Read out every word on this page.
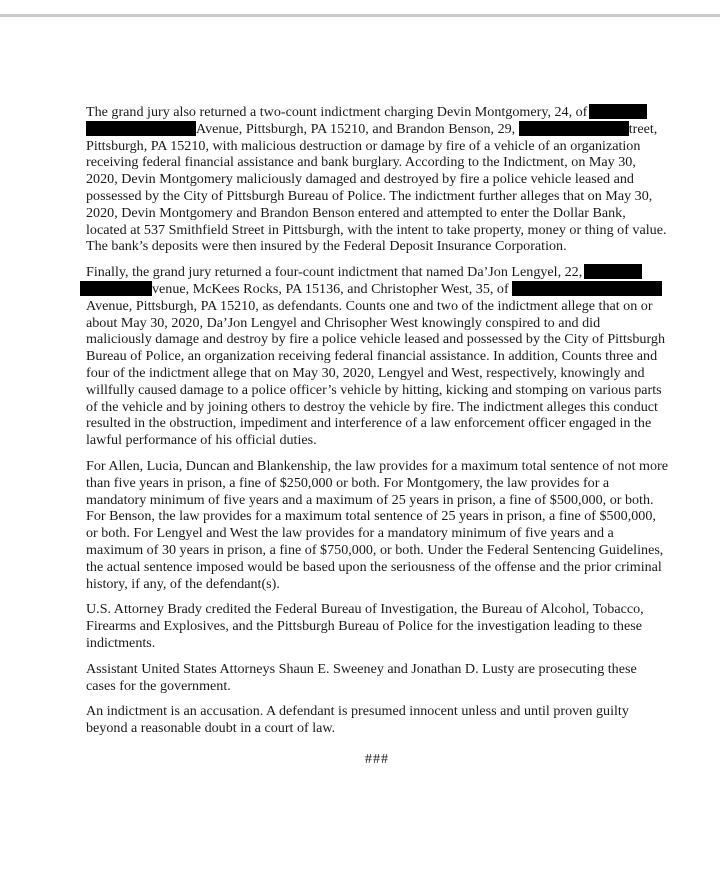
The grand jury also returned a two-count indictment charging Devin Montgomery, 24, of
Avenue, Pittsburgh, PA 15210, and Brandon Benson, 29,	treet,
Pittsburgh, PA 15210, with malicious destruction or damage by fire of a vehicle of an organization receiving federal financial assistance and bank burglary. According to the Indictment, on May 30, 2020, Devin Montgomery maliciously damaged and destroyed by fire a police vehicle leased and possessed by the City of Pittsburgh Bureau of Police. The indictment further alleges that on May 30, 2020, Devin Montgomery and Brandon Benson entered and attempted to enter the Dollar Bank, located at 537 Smithfield Street in Pittsburgh, with the intent to take property, money or thing of value. The bank’s deposits were then insured by the Federal Deposit Insurance Corporation.

Finally, the grand jury returned a four-count indictment that named Da’Jon Lengyel, 22,
venue, McKees Rocks, PA 15136, and Christopher West, 35, of
Avenue, Pittsburgh, PA 15210, as defendants. Counts one and two of the indictment allege that on or about May 30, 2020, Da’Jon Lengyel and Chrisopher West knowingly conspired to and did maliciously damage and destroy by fire a police vehicle leased and possessed by the City of Pittsburgh Bureau of Police, an organization receiving federal financial assistance. In addition, Counts three and four of the indictment allege that on May 30, 2020, Lengyel and West, respectively, knowingly and willfully caused damage to a police officer’s vehicle by hitting, kicking and stomping on various parts of the vehicle and by joining others to destroy the vehicle by fire. The indictment alleges this conduct resulted in the obstruction, impediment and interference of a law enforcement officer engaged in the lawful performance of his official duties.

For Allen, Lucia, Duncan and Blankenship, the law provides for a maximum total sentence of not more than five years in prison, a fine of $250,000 or both. For Montgomery, the law provides for a mandatory minimum of five years and a maximum of 25 years in prison, a fine of $500,000, or both. For Benson, the law provides for a maximum total sentence of 25 years in prison, a fine of $500,000, or both. For Lengyel and West the law provides for a mandatory minimum of five years and a maximum of 30 years in prison, a fine of $750,000, or both. Under the Federal Sentencing Guidelines, the actual sentence imposed would be based upon the seriousness of the offense and the prior criminal history, if any, of the defendant(s).

U.S. Attorney Brady credited the Federal Bureau of Investigation, the Bureau of Alcohol, Tobacco, Firearms and Explosives, and the Pittsburgh Bureau of Police for the investigation leading to these indictments.

Assistant United States Attorneys Shaun E. Sweeney and Jonathan D. Lusty are prosecuting these cases for the government.

An indictment is an accusation. A defendant is presumed innocent unless and until proven guilty beyond a reasonable doubt in a court of law.

###
